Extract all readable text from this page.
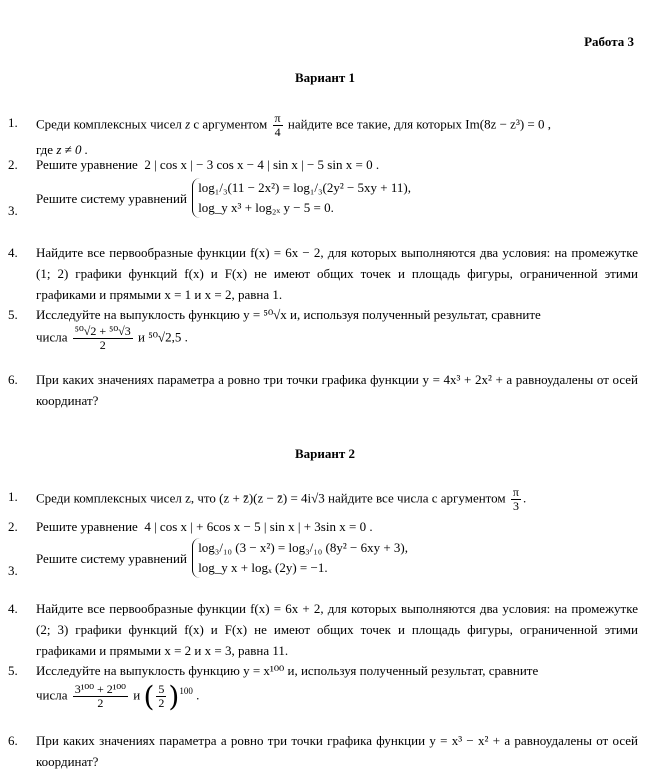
Работа 3
Вариант 1
1. Среди комплексных чисел z с аргументом $\frac{\pi}{4}$ найдите все такие, для которых Im(8z − z³) = 0 ,
где z ≠ 0 .
2. Решите уравнение 2 | cos x | − 3 cos x − 4 | sin x | − 5 sin x = 0 .
3.
Решите систему уравнений
log₁/₃(11 − 2x²) = log₁/₃(2y² − 5xy + 11),
log_y x³ + log₂ₓ y − 5 = 0.
4. Найдите все первообразные функции f(x) = 6x − 2, для которых выполняются два условия: на промежутке (1; 2) графики функций f(x) и F(x) не имеют общих точек и площадь фигуры, ограниченной этими графиками и прямыми x = 1 и x = 2, равна 1.
5. Исследуйте на выпуклость функцию y = ⁵⁰√x и, используя полученный результат, сравните
числа $\frac{\text{⁵⁰√2 + ⁵⁰√3}}{2}$ и ⁵⁰√2,5 .
6. При каких значениях параметра a ровно три точки графика функции y = 4x³ + 2x² + a равноудалены от осей координат?
Вариант 2
1. Среди комплексных чисел z, что (z + z̄)(z − z̄) = 4i√3 найдите все числа с аргументом $\frac{\pi}{3}$ .
2. Решите уравнение 4 | cos x | + 6cos x − 5 | sin x | + 3sin x = 0 .
3.
Решите систему уравнений
log₃/₁₀ (3 − x²) = log₃/₁₀ (8y² − 6xy + 3),
log_y x + logₓ (2y) = −1.
4. Найдите все первообразные функции f(x) = 6x + 2, для которых выполняются два условия: на промежутке (2; 3) графики функций f(x) и F(x) не имеют общих точек и площадь фигуры, ограниченной этими графиками и прямыми x = 2 и x = 3, равна 11.
5. Исследуйте на выпуклость функцию y = x¹⁰⁰ и, используя полученный результат, сравните
числа $\frac{\text{3¹⁰⁰ + 2¹⁰⁰}}{2}$ и ( $\frac{5}{2} )^{100}$ .
6. При каких значениях параметра a ровно три точки графика функции y = x³ − x² + a равноудалены от осей координат?
